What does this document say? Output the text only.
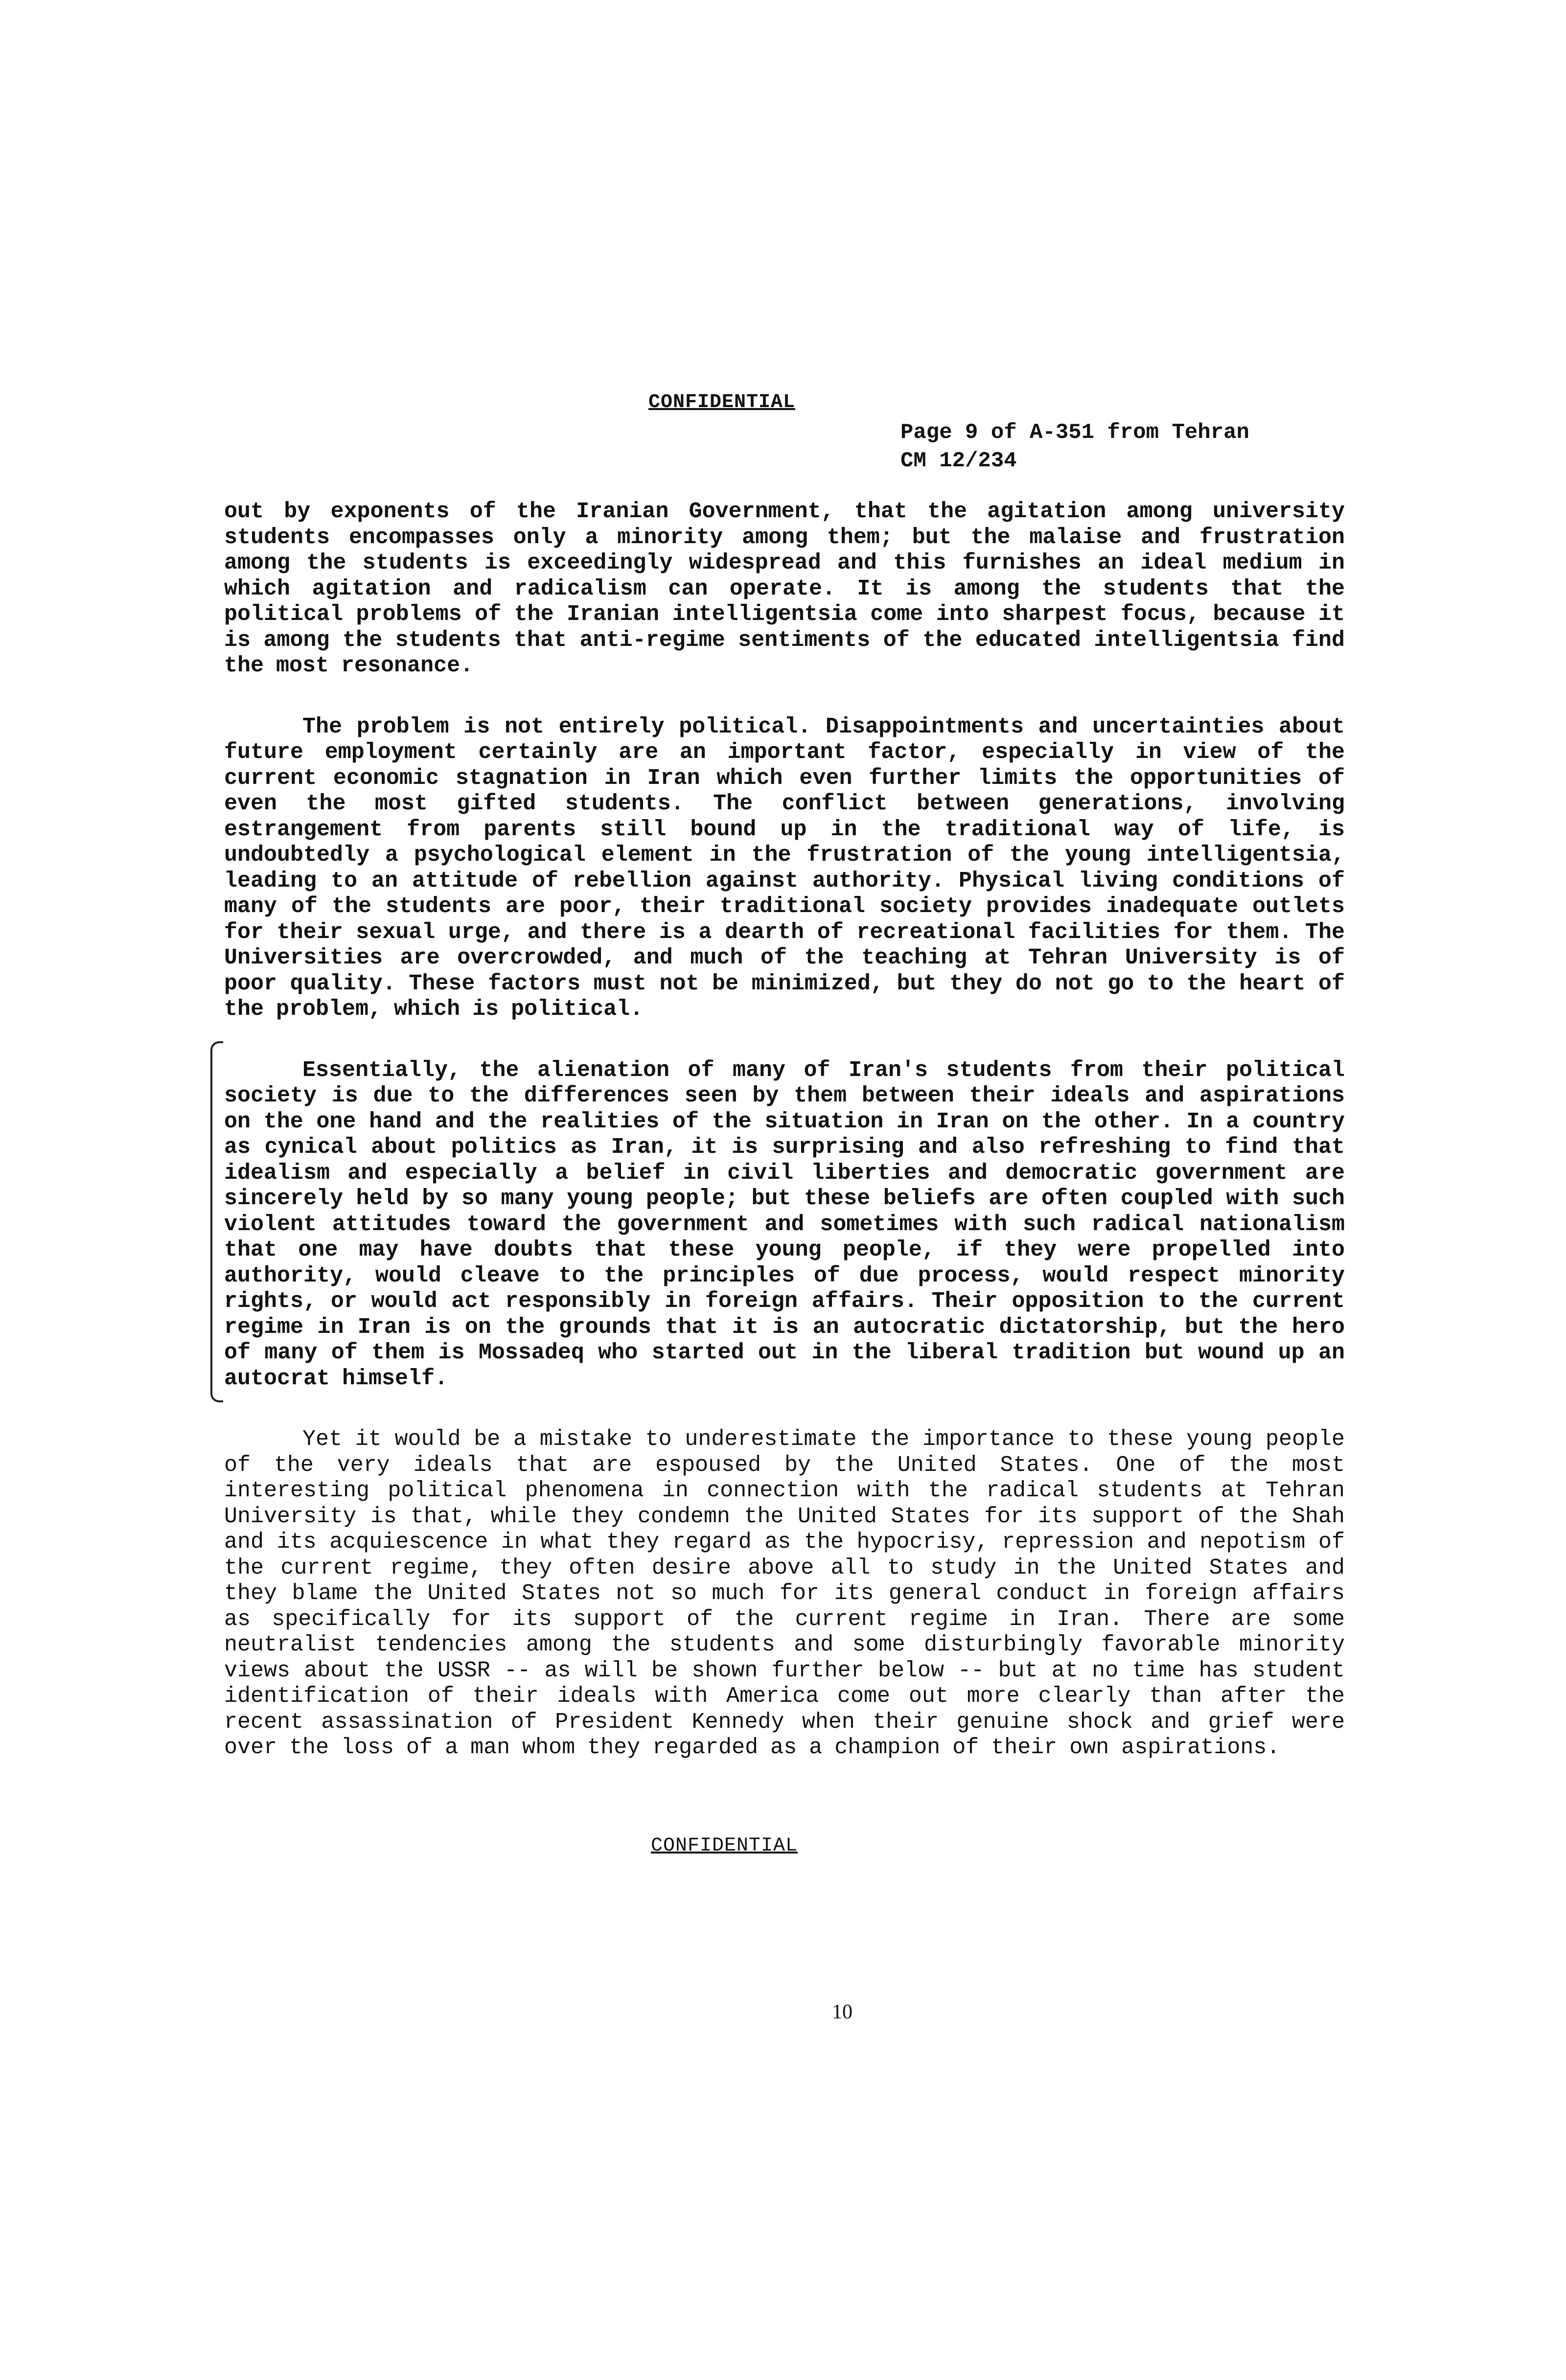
CONFIDENTIAL
Page 9 of A-351 from Tehran
CM 12/234

out by exponents of the Iranian Government, that the agitation among university students encompasses only a minority among them; but the malaise and frustration among the students is exceedingly widespread and this furnishes an ideal medium in which agitation and radicalism can operate. It is among the students that the political problems of the Iranian intelligentsia come into sharpest focus, because it is among the students that anti-regime sentiments of the educated intelligentsia find the most resonance.

The problem is not entirely political. Disappointments and uncertainties about future employment certainly are an important factor, especially in view of the current economic stagnation in Iran which even further limits the opportunities of even the most gifted students. The conflict between generations, involving estrangement from parents still bound up in the traditional way of life, is undoubtedly a psychological element in the frustration of the young intelligentsia, leading to an attitude of rebellion against authority. Physical living conditions of many of the students are poor, their traditional society provides inadequate outlets for their sexual urge, and there is a dearth of recreational facilities for them. The Universities are overcrowded, and much of the teaching at Tehran University is of poor quality. These factors must not be minimized, but they do not go to the heart of the problem, which is political.

Essentially, the alienation of many of Iran's students from their political society is due to the differences seen by them between their ideals and aspirations on the one hand and the realities of the situation in Iran on the other. In a country as cynical about politics as Iran, it is surprising and also refreshing to find that idealism and especially a belief in civil liberties and democratic government are sincerely held by so many young people; but these beliefs are often coupled with such violent attitudes toward the government and sometimes with such radical nationalism that one may have doubts that these young people, if they were propelled into authority, would cleave to the principles of due process, would respect minority rights, or would act responsibly in foreign affairs. Their opposition to the current regime in Iran is on the grounds that it is an autocratic dictatorship, but the hero of many of them is Mossadeq who started out in the liberal tradition but wound up an autocrat himself.

Yet it would be a mistake to underestimate the importance to these young people of the very ideals that are espoused by the United States. One of the most interesting political phenomena in connection with the radical students at Tehran University is that, while they condemn the United States for its support of the Shah and its acquiescence in what they regard as the hypocrisy, repression and nepotism of the current regime, they often desire above all to study in the United States and they blame the United States not so much for its general conduct in foreign affairs as specifically for its support of the current regime in Iran. There are some neutralist tendencies among the students and some disturbingly favorable minority views about the USSR -- as will be shown further below -- but at no time has student identification of their ideals with America come out more clearly than after the recent assassination of President Kennedy when their genuine shock and grief were over the loss of a man whom they regarded as a champion of their own aspirations.

CONFIDENTIAL
10
